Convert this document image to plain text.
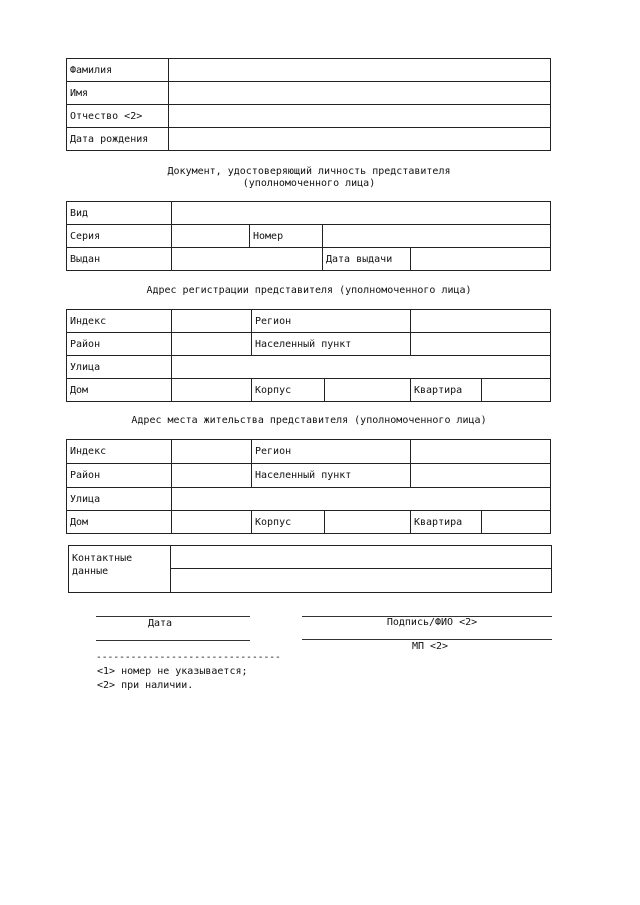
Фамилия	
Имя	
Отчество <2>	
Дата рождения	
Документ, удостоверяющий личность представителя
(уполномоченного лица)
Вид				
Серия		Номер		
Выдан			Дата выдачи	
Адрес регистрации представителя (уполномоченного лица)
Индекс		Регион			
Район		Населенный пункт			
Улица					
Дом		Корпус		Квартира	
Адрес места жительства представителя (уполномоченного лица)
Индекс		Регион			
Район		Населенный пункт			
Улица					
Дом		Корпус		Квартира	
Контактные
данные

Дата	Подпись/ФИО <2>
МП <2>
--------------------------------
<1> номер не указывается;
<2> при наличии.
